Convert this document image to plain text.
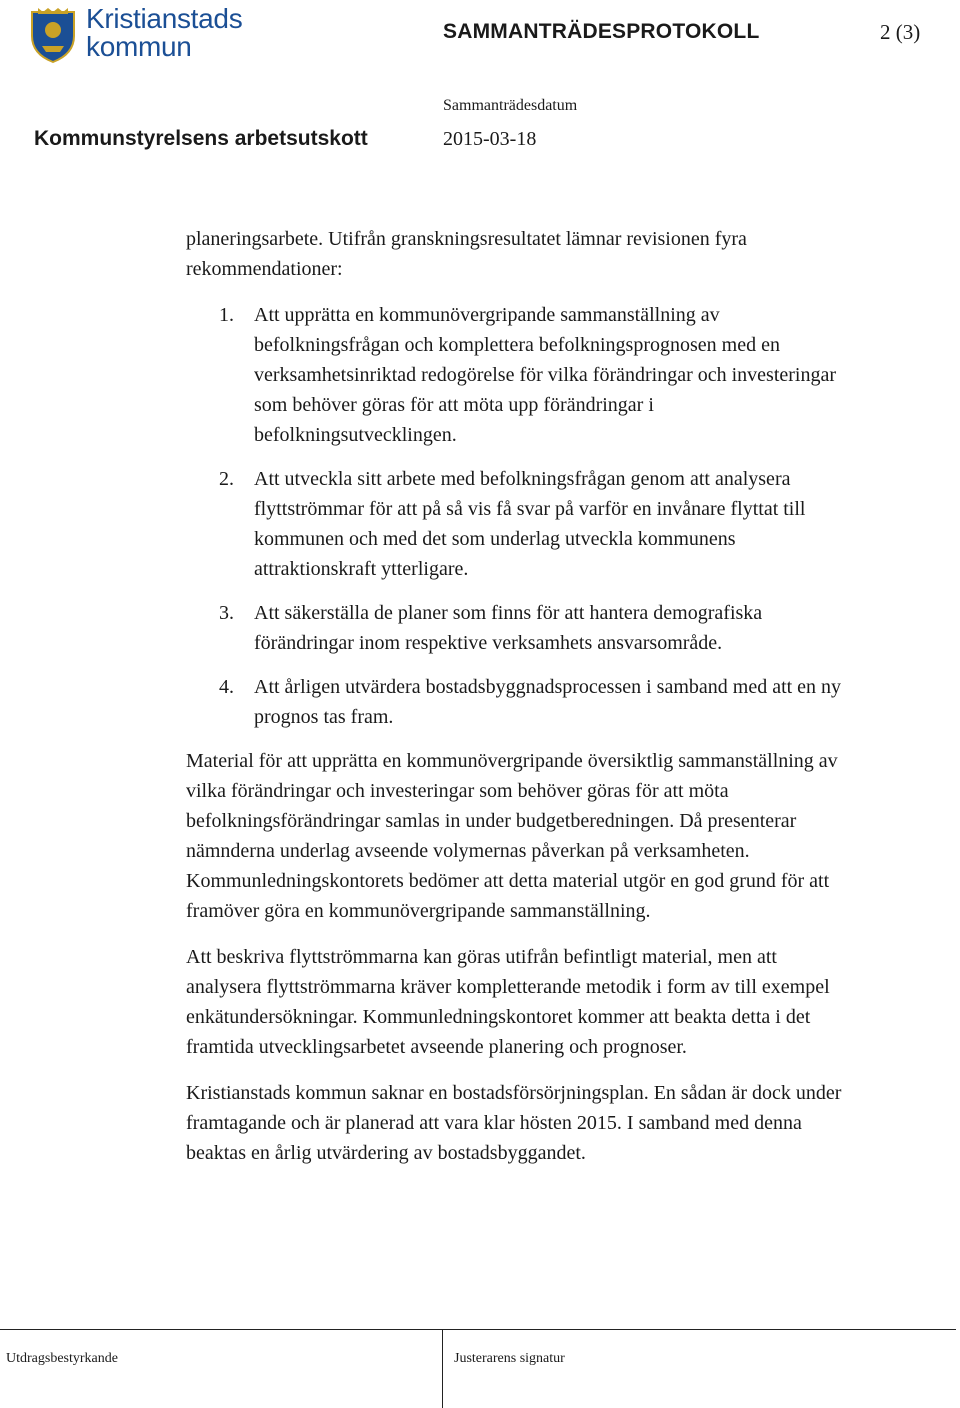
Kristianstads
kommun	SAMMANTRÄDESPROTOKOLL	2 (3)
Sammanträdesdatum
Kommunstyrelsens arbetsutskott	2015-03-18

planeringsarbete. Utifrån granskningsresultatet lämnar revisionen fyra rekommendationer:

1. Att upprätta en kommunövergripande sammanställning av befolkningsfrågan och komplettera befolkningsprognosen med en verksamhetsinriktad redogörelse för vilka förändringar och investeringar som behöver göras för att möta upp förändringar i befolkningsutvecklingen.

2. Att utveckla sitt arbete med befolkningsfrågan genom att analysera flyttströmmar för att på så vis få svar på varför en invånare flyttat till kommunen och med det som underlag utveckla kommunens attraktionskraft ytterligare.

3. Att säkerställa de planer som finns för att hantera demografiska förändringar inom respektive verksamhets ansvarsområde.

4. Att årligen utvärdera bostadsbyggnadsprocessen i samband med att en ny prognos tas fram.

Material för att upprätta en kommunövergripande översiktlig sammanställning av vilka förändringar och investeringar som behöver göras för att möta befolkningsförändringar samlas in under budgetberedningen. Då presenterar nämnderna underlag avseende volymernas påverkan på verksamheten. Kommunledningskontorets bedömer att detta material utgör en god grund för att framöver göra en kommunövergripande sammanställning.

Att beskriva flyttströmmarna kan göras utifrån befintligt material, men att analysera flyttströmmarna kräver kompletterande metodik i form av till exempel enkätundersökningar. Kommunledningskontoret kommer att beakta detta i det framtida utvecklingsarbetet avseende planering och prognoser.

Kristianstads kommun saknar en bostadsförsörjningsplan. En sådan är dock under framtagande och är planerad att vara klar hösten 2015. I samband med denna beaktas en årlig utvärdering av bostadsbyggandet.

Utdragsbestyrkande	Justerarens signatur
